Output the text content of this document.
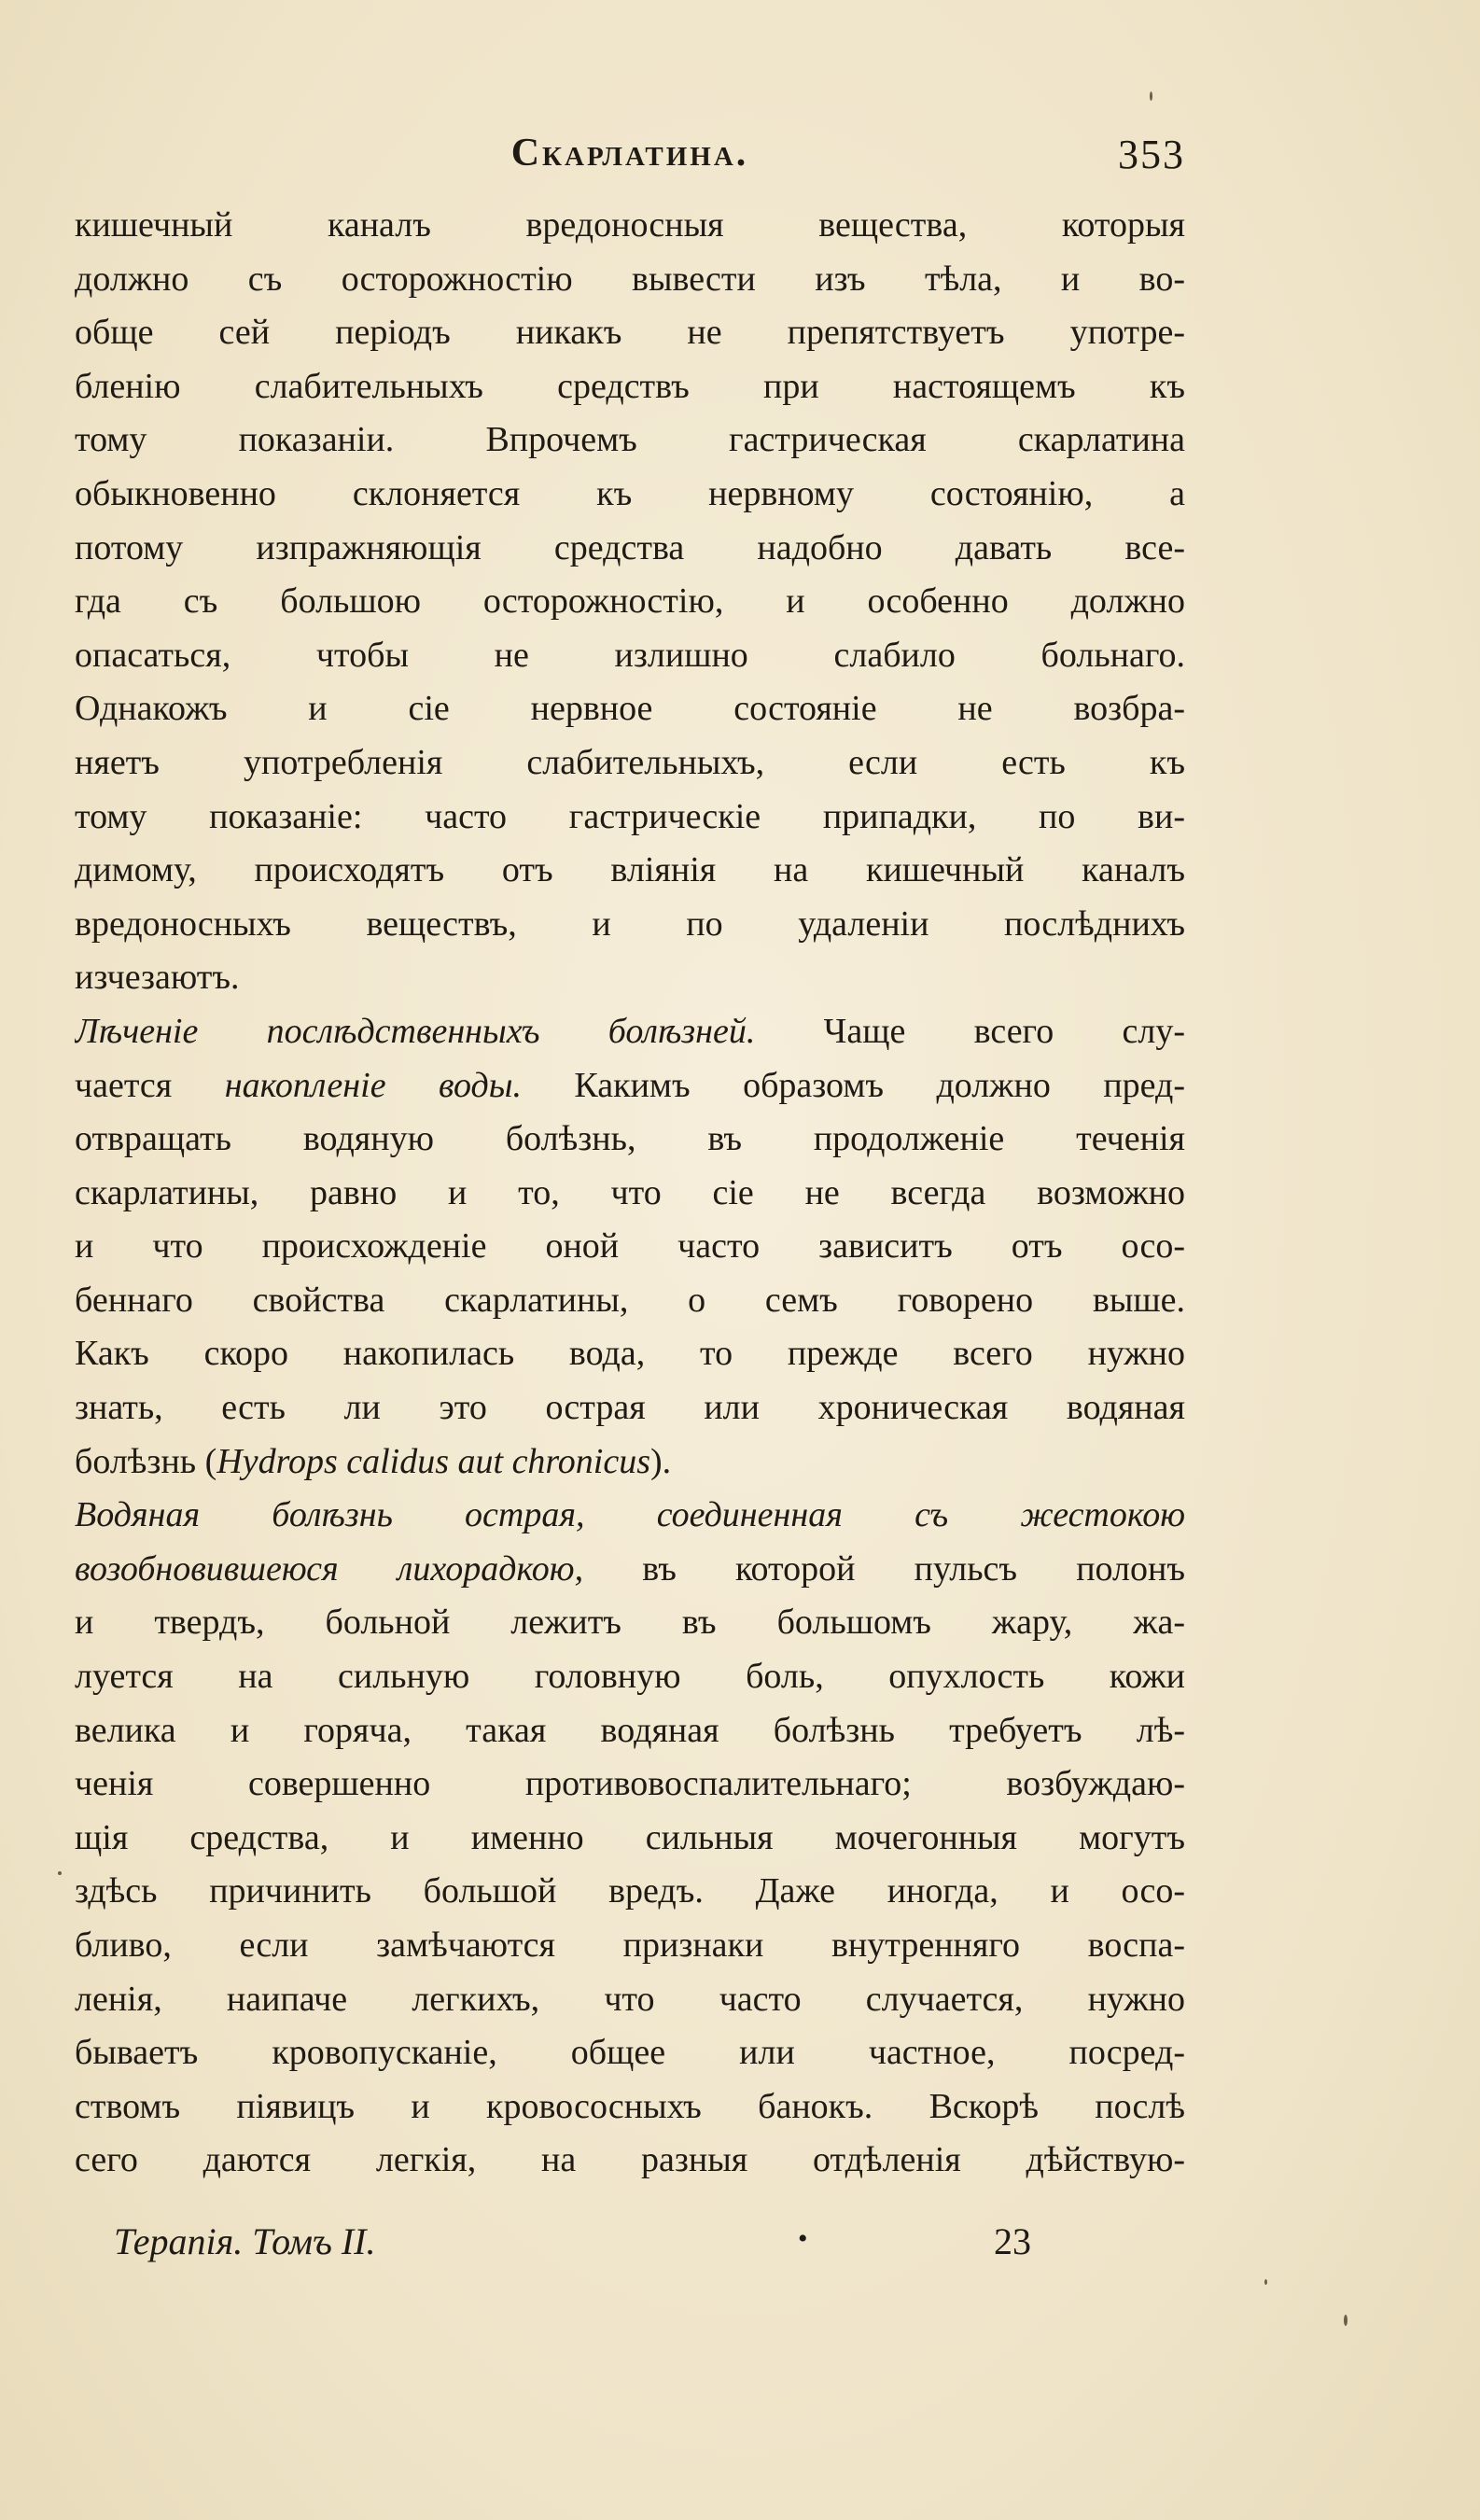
Скарлатина.	353
кишечный каналъ вредоносныя вещества, которыя
должно съ осторожностію вывести изъ тѣла, и во-
обще сей періодъ никакъ не препятствуетъ употре-
бленію слабительныхъ средствъ при настоящемъ къ
тому показаніи. Впрочемъ гастрическая скарлатина
обыкновенно склоняется къ нервному состоянію, а
потому изпражняющія средства надобно давать все-
гда съ большою осторожностію, и особенно должно
опасаться, чтобы не излишно слабило больнаго.
Однакожъ и сіе нервное состояніе не возбра-
няетъ употребленія слабительныхъ, если есть къ
тому показаніе: часто гастрическіе припадки, по ви-
димому, происходятъ отъ вліянія на кишечный каналъ
вредоносныхъ веществъ, и по удаленіи послѣднихъ
изчезаютъ.
Лѣченіе послѣдственныхъ болѣзней. Чаще всего слу-
чается накопленіе воды. Какимъ образомъ должно пред-
отвращать водяную болѣзнь, въ продолженіе теченія
скарлатины, равно и то, что сіе не всегда возможно
и что происхожденіе оной часто зависитъ отъ осо-
беннаго свойства скарлатины, о семъ говорено выше.
Какъ скоро накопилась вода, то прежде всего нужно
знать, есть ли это острая или хроническая водяная
болѣзнь (Hydrops calidus aut chronicus).
Водяная болѣзнь острая, соединенная съ жестокою
возобновившеюся лихорадкою, въ которой пульсъ полонъ
и твердъ, больной лежитъ въ большомъ жару, жа-
луется на сильную головную боль, опухлость кожи
велика и горяча, такая водяная болѣзнь требуетъ лѣ-
ченія совершенно противовоспалительнаго; возбуждаю-
щія средства, и именно сильныя мочегонныя могутъ
здѣсь причинить большой вредъ. Даже иногда, и осо-
бливо, если замѣчаются признаки внутренняго воспа-
ленія, наипаче легкихъ, что часто случается, нужно
бываетъ кровопусканіе, общее или частное, посред-
ствомъ піявицъ и кровососныхъ банокъ. Вскорѣ послѣ
сего даются легкія, на разныя отдѣленія дѣйствую-
Терапія. Томъ II.	•	23
